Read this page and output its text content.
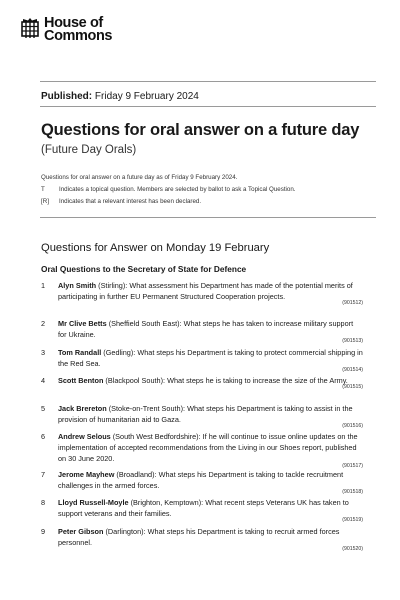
House of
Commons
Published: Friday 9 February 2024
Questions for oral answer on a future day
(Future Day Orals)
Questions for oral answer on a future day as of Friday 9 February 2024.
T	Indicates a topical question. Members are selected by ballot to ask a Topical Question.
[R]	Indicates that a relevant interest has been declared.
Questions for Answer on Monday 19 February
Oral Questions to the Secretary of State for Defence
1 Alyn Smith (Stirling): What assessment his Department has made of the potential merits of participating in further EU Permanent Structured Cooperation projects.
(901512)
2 Mr Clive Betts (Sheffield South East): What steps he has taken to increase military support for Ukraine.
(901513)
3 Tom Randall (Gedling): What steps his Department is taking to protect commercial shipping in the Red Sea.
(901514)
4 Scott Benton (Blackpool South): What steps he is taking to increase the size of the Army.
(901515)
5 Jack Brereton (Stoke-on-Trent South): What steps his Department is taking to assist in the provision of humanitarian aid to Gaza.
(901516)
6 Andrew Selous (South West Bedfordshire): If he will continue to issue online updates on the implementation of accepted recommendations from the Living in our Shoes report, published on 30 June 2020.
(901517)
7 Jerome Mayhew (Broadland): What steps his Department is taking to tackle recruitment challenges in the armed forces.
(901518)
8 Lloyd Russell-Moyle (Brighton, Kemptown): What recent steps Veterans UK has taken to support veterans and their families.
(901519)
9 Peter Gibson (Darlington): What steps his Department is taking to recruit armed forces personnel.
(901520)
